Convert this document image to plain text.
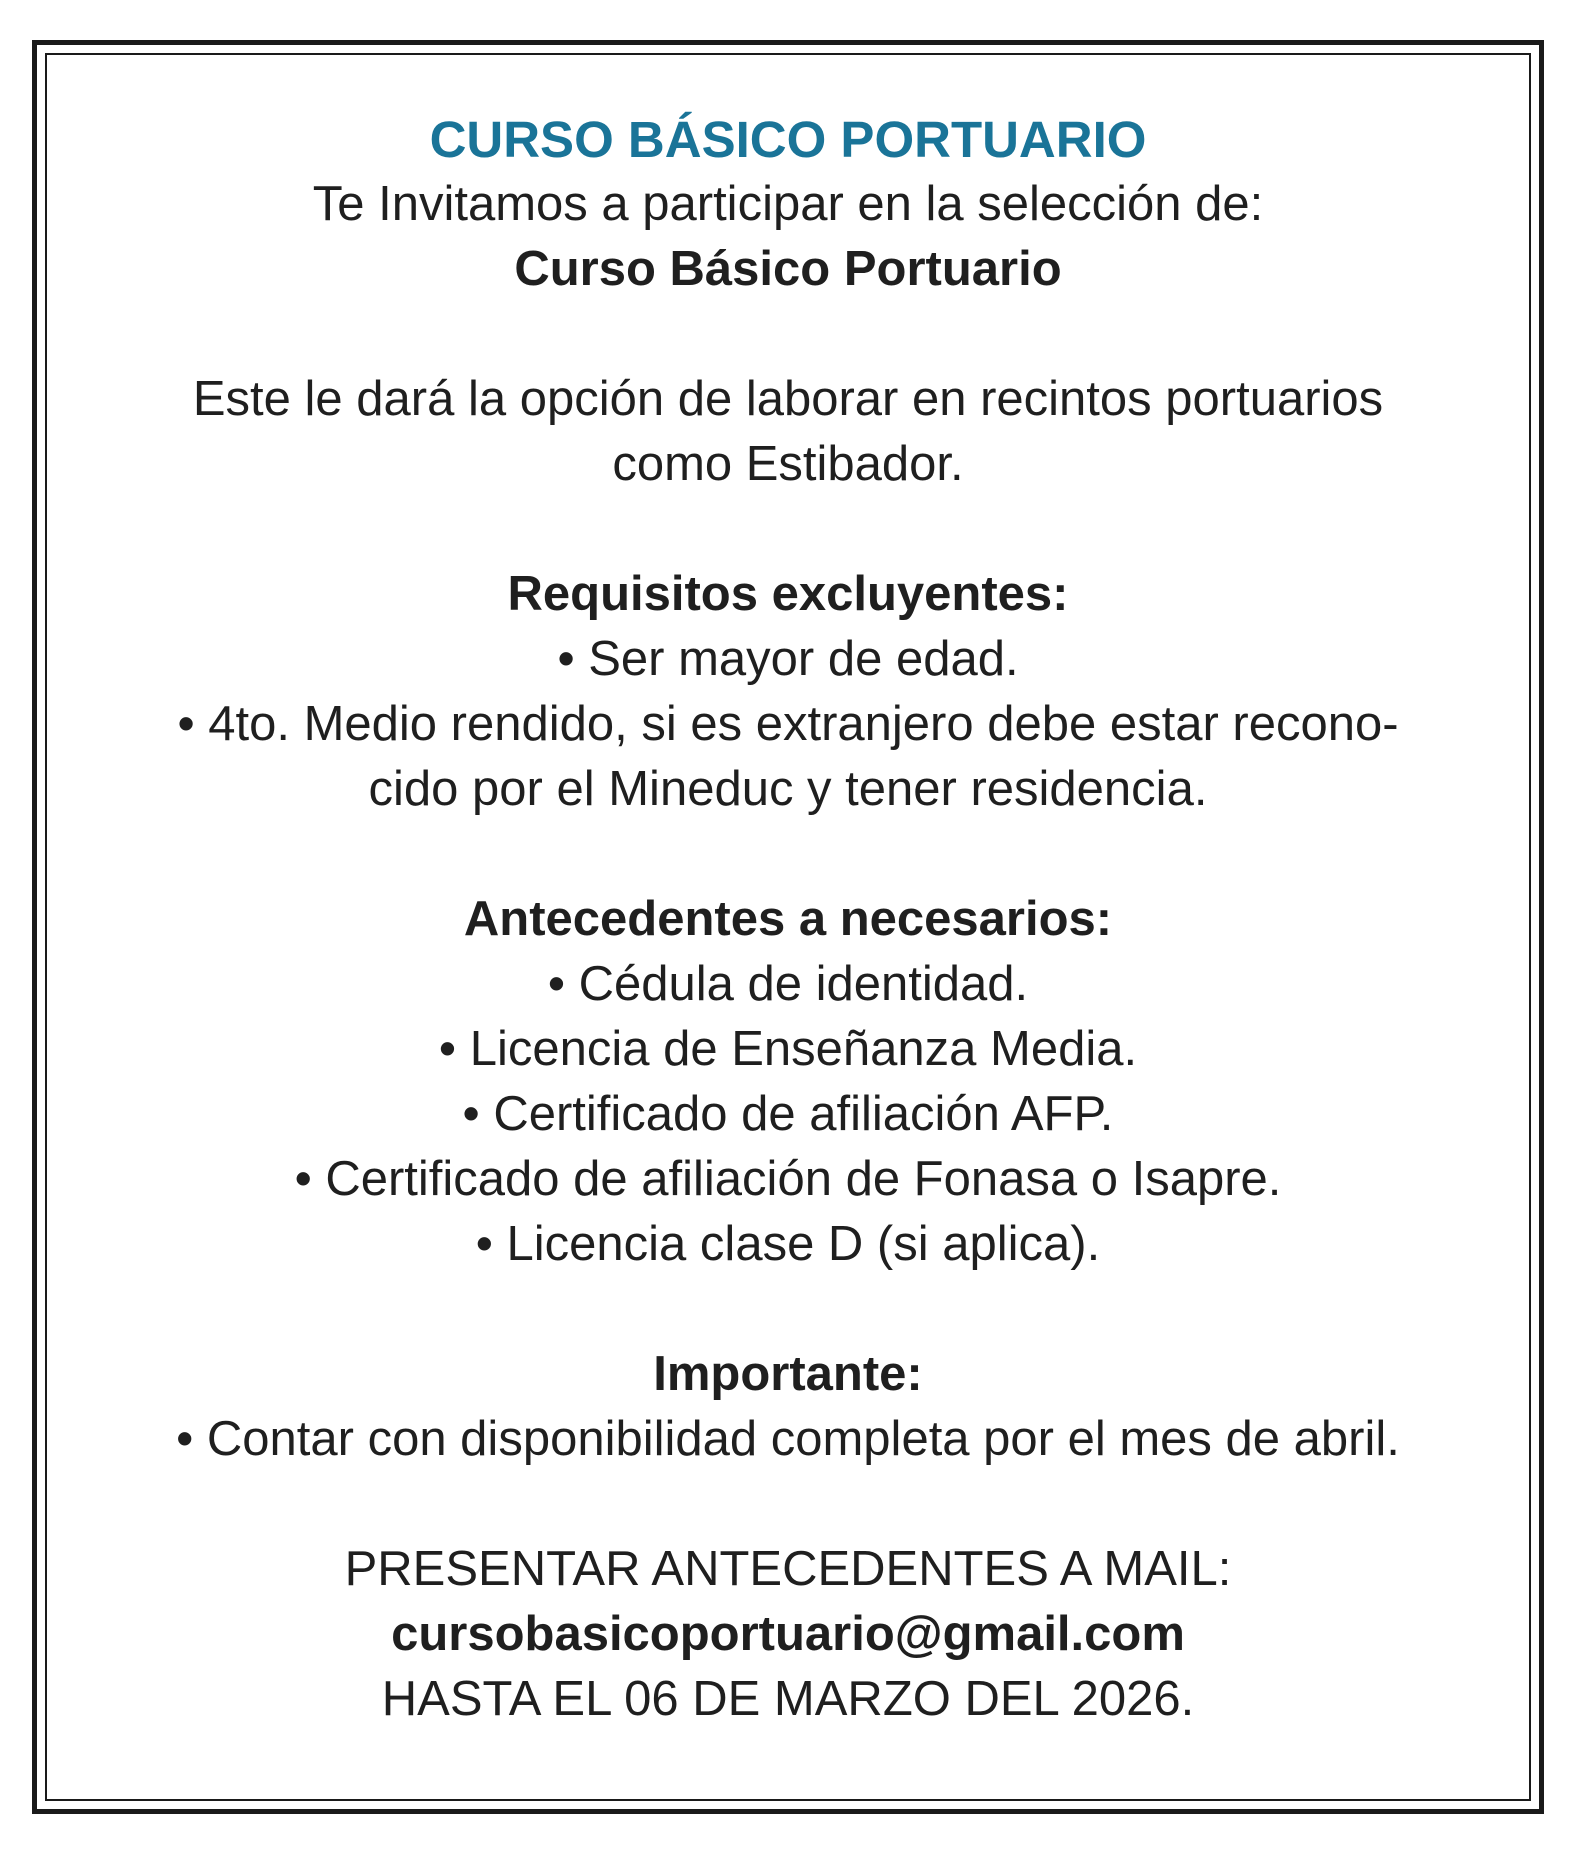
CURSO BÁSICO PORTUARIO
Te Invitamos a participar en la selección de:
Curso Básico Portuario
Este le dará la opción de laborar en recintos portuarios
como Estibador.
Requisitos excluyentes:
• Ser mayor de edad.
• 4to. Medio rendido, si es extranjero debe estar recono-
cido por el Mineduc y tener residencia.
Antecedentes a necesarios:
• Cédula de identidad.
• Licencia de Enseñanza Media.
• Certificado de afiliación AFP.
• Certificado de afiliación de Fonasa o Isapre.
• Licencia clase D (si aplica).
Importante:
• Contar con disponibilidad completa por el mes de abril.
PRESENTAR ANTECEDENTES A MAIL:
cursobasicoportuario@gmail.com
HASTA EL 06 DE MARZO DEL 2026.
